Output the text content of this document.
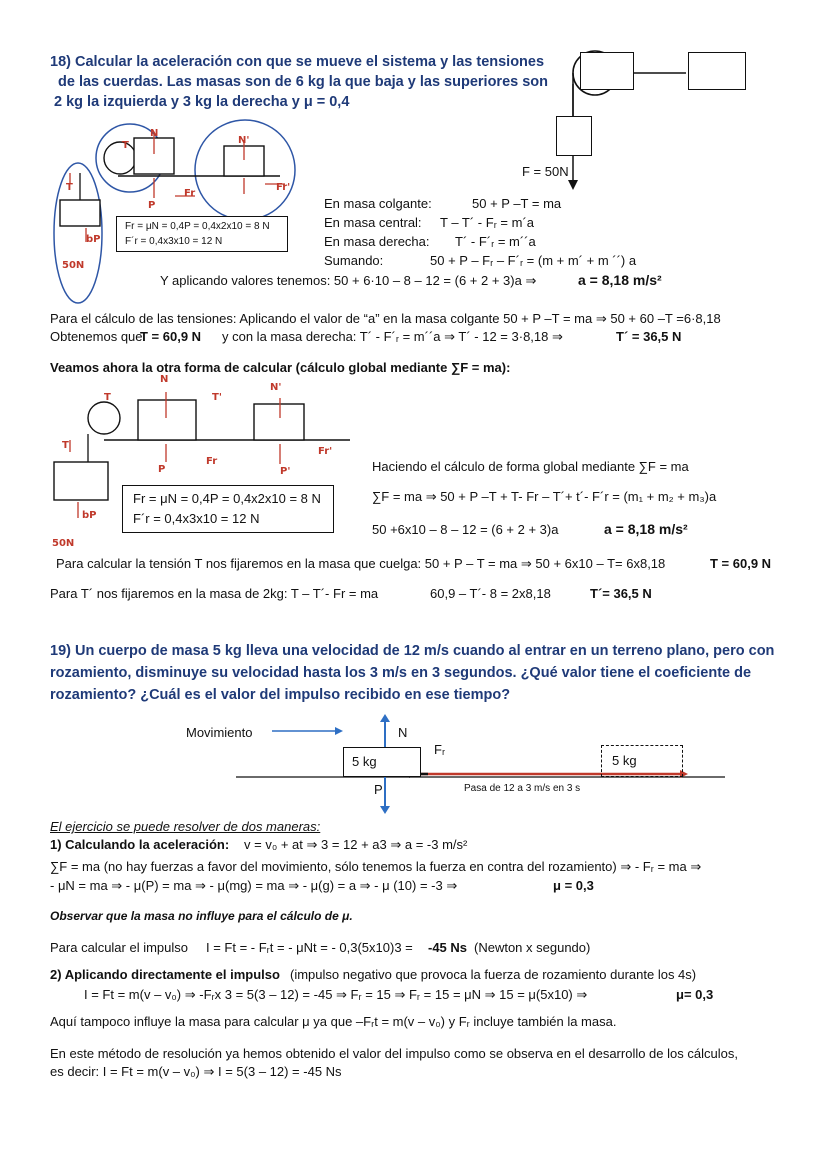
18) Calcular la aceleración con que se mueve el sistema y las tensiones
de las cuerdas. Las masas son de 6 kg la que baja y las superiores son
2 kg la izquierda y 3 kg la derecha y μ = 0,4
F = 50N
N
N'
T
T
P
Fr
Fr'
bP
50N
Fr = μN = 0,4P = 0,4x2x10 = 8 N
F´r = 0,4x3x10 = 12 N
En masa colgante:	50 + P –T = ma
En masa central: T – T´ - Fᵣ = m´a
En masa derecha: T´ - F´ᵣ = m´´a
Sumando:	50 + P – Fᵣ – F´ᵣ = (m + m´ + m ´´) a
Y aplicando valores tenemos: 50 + 6·10 – 8 – 12 = (6 + 2 + 3)a ⇒	a = 8,18 m/s²
Para el cálculo de las tensiones: Aplicando el valor de “a” en la masa colgante 50 + P –T = ma ⇒ 50 + 60 –T =6·8,18
Obtenemos que
T = 60,9 N y con la masa derecha: T´ - F´ᵣ = m´´a ⇒ T´ - 12 = 3·8,18 ⇒	T´ = 36,5 N
Veamos ahora la otra forma de calcular (cálculo global mediante ∑F = ma):
N
N'
T	T'
T
P	P'
Fr
Fr'
bP
50N
Fr = μN = 0,4P = 0,4x2x10 = 8 N
F´r = 0,4x3x10 = 12 N
Haciendo el cálculo de forma global mediante ∑F = ma
∑F = ma ⇒ 50 + P –T + T- Fr – T´+ t´- F´r = (m₁ + m₂ + m₃)a
50 +6x10 – 8 – 12 = (6 + 2 + 3)a	a = 8,18 m/s²
Para calcular la tensión T nos fijaremos en la masa que cuelga: 50 + P – T = ma ⇒ 50 + 6x10 – T= 6x8,18	T = 60,9 N
Para T´ nos fijaremos en la masa de 2kg: T – T´- Fr = ma	60,9 – T´- 8 = 2x8,18	T´= 36,5 N
19) Un cuerpo de masa 5 kg lleva una velocidad de 12 m/s cuando al entrar en un terreno plano, pero con
rozamiento, disminuye su velocidad hasta los 3 m/s en 3 segundos. ¿Qué valor tiene el coeficiente de
rozamiento? ¿Cuál es el valor del impulso recibido en ese tiempo?
Movimiento	N
Fᵣ
5 kg	5 kg
P	Pasa de 12 a 3 m/s en 3 s
El ejercicio se puede resolver de dos maneras:
1) Calculando la aceleración: v = v₀ + at ⇒ 3 = 12 + a3 ⇒ a = -3 m/s²
∑F = ma (no hay fuerzas a favor del movimiento, sólo tenemos la fuerza en contra del rozamiento) ⇒ - Fᵣ = ma ⇒
- μN = ma ⇒ - μ(P) = ma ⇒ - μ(mg) = ma ⇒ - μ(g) = a ⇒ - μ (10) = -3 ⇒	μ = 0,3
Observar que la masa no influye para el cálculo de μ.
Para calcular el impulso I = Ft = - Fᵣt = - μNt = - 0,3(5x10)3 = -45 Ns (Newton x segundo)
2) Aplicando directamente el impulso (impulso negativo que provoca la fuerza de rozamiento durante los 4s)
I = Ft = m(v – v₀) ⇒ -Fᵣx 3 = 5(3 – 12) = -45 ⇒ Fᵣ = 15 ⇒ Fᵣ = 15 = μN ⇒ 15 = μ(5x10) ⇒	μ= 0,3
Aquí tampoco influye la masa para calcular μ ya que –Fᵣt = m(v – v₀) y Fᵣ incluye también la masa.
En este método de resolución ya hemos obtenido el valor del impulso como se observa en el desarrollo de los cálculos,
es decir: I = Ft = m(v – v₀) ⇒ I = 5(3 – 12) = -45 Ns
